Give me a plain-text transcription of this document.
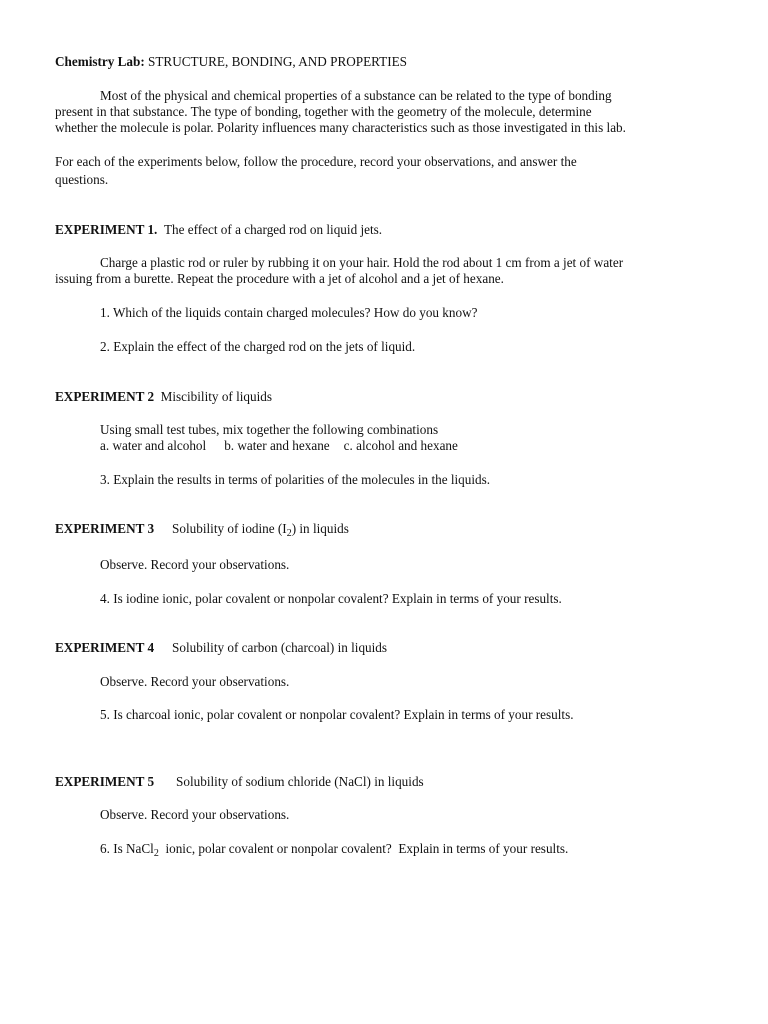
Chemistry Lab: STRUCTURE, BONDING, AND PROPERTIES
Most of the physical and chemical properties of a substance can be related to the type of bonding
present in that substance. The type of bonding, together with the geometry of the molecule, determine
whether the molecule is polar. Polarity influences many characteristics such as those investigated in this lab.
For each of the experiments below, follow the procedure, record your observations, and answer the
questions.
EXPERIMENT 1. The effect of a charged rod on liquid jets.
Charge a plastic rod or ruler by rubbing it on your hair. Hold the rod about 1 cm from a jet of water
issuing from a burette. Repeat the procedure with a jet of alcohol and a jet of hexane.
1. Which of the liquids contain charged molecules? How do you know?
2. Explain the effect of the charged rod on the jets of liquid.
EXPERIMENT 2 Miscibility of liquids
Using small test tubes, mix together the following combinations
a. water and alcohol b. water and hexane c. alcohol and hexane
3. Explain the results in terms of polarities of the molecules in the liquids.
EXPERIMENT 3 Solubility of iodine $(I_2)$ in liquids
Observe. Record your observations.
4. Is iodine ionic, polar covalent or nonpolar covalent? Explain in terms of your results.
EXPERIMENT 4 Solubility of carbon (charcoal) in liquids
Observe. Record your observations.
5. Is charcoal ionic, polar covalent or nonpolar covalent? Explain in terms of your results.
EXPERIMENT 5 Solubility of sodium chloride (NaCl) in liquids
Observe. Record your observations.
6. Is NaCl$_2$  ionic, polar covalent or nonpolar covalent?  Explain in terms of your results.
